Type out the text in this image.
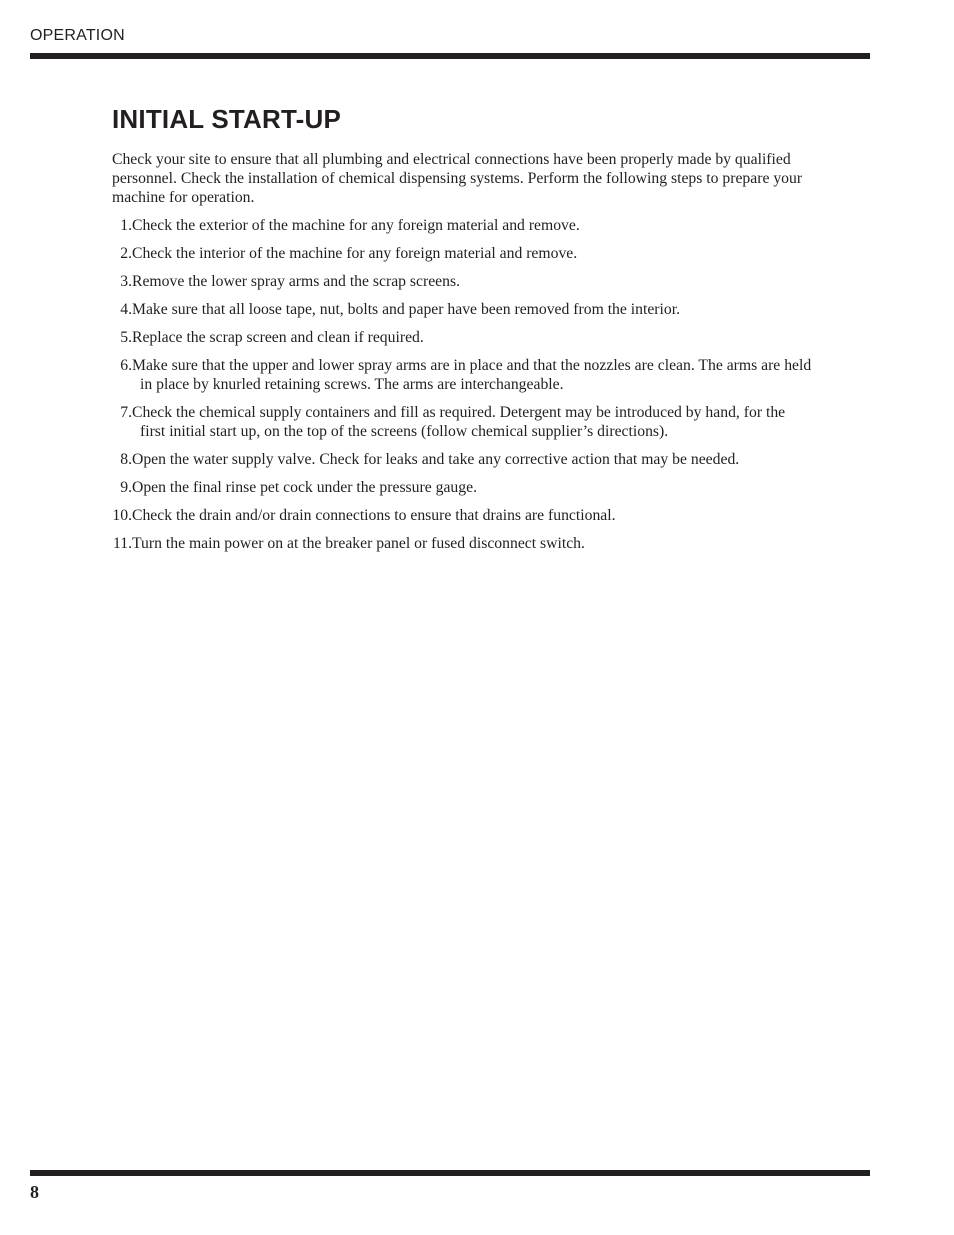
OPERATION
INITIAL START-UP

Check your site to ensure that all plumbing and electrical connections have been properly made by qualified personnel. Check the installation of chemical dispensing systems. Perform the following steps to prepare your machine for operation.

1. Check the exterior of the machine for any foreign material and remove.
2. Check the interior of the machine for any foreign material and remove.
3. Remove the lower spray arms and the scrap screens.
4. Make sure that all loose tape, nut, bolts and paper have been removed from the interior.
5. Replace the scrap screen and clean if required.
6. Make sure that the upper and lower spray arms are in place and that the nozzles are clean. The arms are held in place by knurled retaining screws. The arms are interchangeable.
7. Check the chemical supply containers and fill as required. Detergent may be introduced by hand, for the first initial start up, on the top of the screens (follow chemical supplier’s directions).
8. Open the water supply valve. Check for leaks and take any corrective action that may be needed.
9. Open the final rinse pet cock under the pressure gauge.
10. Check the drain and/or drain connections to ensure that drains are functional.
11. Turn the main power on at the breaker panel or fused disconnect switch.
8
